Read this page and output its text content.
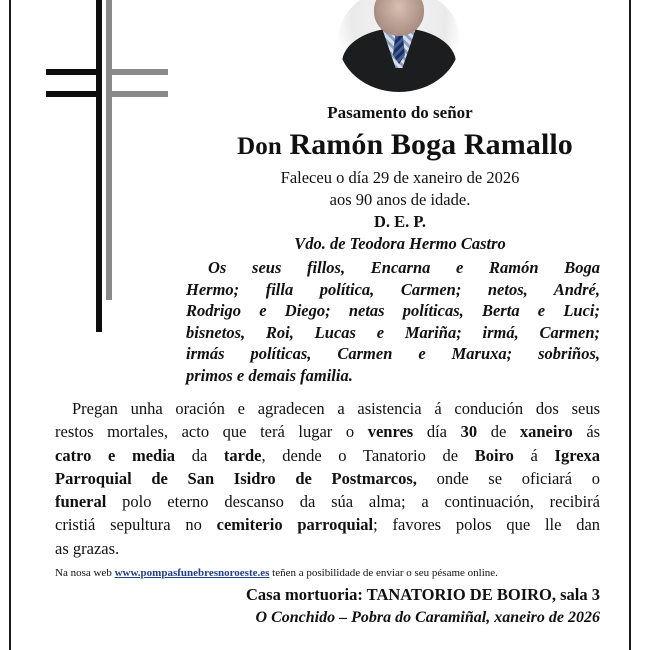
Pasamento do señor
Don Ramón Boga Ramallo
Faleceu o día 29 de xaneiro de 2026
aos 90 anos de idade.
D. E. P.
Vdo. de Teodora Hermo Castro
Os seus fillos, Encarna e Ramón Boga
Hermo; filla política, Carmen; netos, André,
Rodrigo e Diego; netas políticas, Berta e Luci;
bisnetos, Roi, Lucas e Mariña; irmá, Carmen;
irmás políticas, Carmen e Maruxa; sobriños,
primos e demais familia.
Pregan unha oración e agradecen a asistencia á condución dos seus
restos mortales, acto que terá lugar o venres día 30 de xaneiro ás
catro e media da tarde, dende o Tanatorio de Boiro á Igrexa
Parroquial de San Isidro de Postmarcos, onde se oficiará o
funeral polo eterno descanso da súa alma; a continuación, recibirá
cristiá sepultura no cemiterio parroquial; favores polos que lle dan
as grazas.
Na nosa web www.pompasfunebresnoroeste.es teñen a posibilidade de enviar o seu pésame online.
Casa mortuoria: TANATORIO DE BOIRO, sala 3
O Conchido – Pobra do Caramiñal, xaneiro de 2026
